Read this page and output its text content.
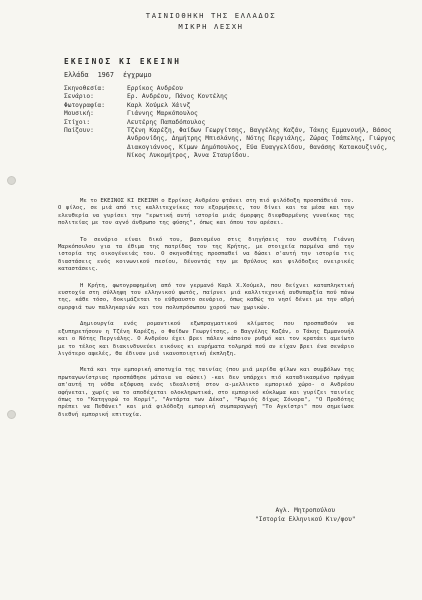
ΤΑΙΝΙΟΘΗΚΗ ΤΗΣ ΕΛΛΑΔΟΣ
ΜΙΚΡΗ ΛΕΣΧΗ
ΕΚΕΙΝΟΣ ΚΙ ΕΚΕΙΝΗ
Ελλάδα 1967 έγχρωμο
Σκηνοθεσία:	Ερρίκος Ανδρέου
Σενάριο:	Ερ. Ανδρέου, Πάνος Κοντέλης
Φωτογραφία:	Καρλ Χούμελ Χάινζ
Μουσική:	Γιάννης Μαρκόπουλος
Στίχοι:	Λευτέρης Παπαδόπουλος
Παίζουν:	Τζένη Καρέζη, Φαίδων Γεωργίτσης, Βαγγέλης Καζάν, Τάκης Εμμανουήλ, Βάσος Ανδρονίδης, Δημήτρης Μπισλάνης, Νότης Περγιάλης, Ζώρας Τσάπελης, Γιώργος Διακογιάννος, Κίμων Δημόπουλος, Εύα Ευαγγελίδου, Θανάσης Κατακουζινός, Νίκος Λυκομήτρος, Άννα Σταυρίδου.

Με το ΕΚΕΙΝΟΣ ΚΙ ΕΚΕΙΝΗ ο Ερρίκος Ανδρέου φτάνει στη πιό φιλόδοξη προσπάθειά του. Ο φίλος, σε μιά από τις καλλιτεχνίκες του εξορμήσεις, του δίνει και τα μέσα και την ελευθερία να γυρίσει την "ερωτική αυτή ιστορία μιάς όμορφης διεφθαρμένης γυναίκας της πολιτείας με τον αγνό άνθρωπο της φύσης", όπως και όπου του αρέσει.

Το σενάριο είναι δικό του, βασισμένο στις διηγήσεις του συνθέτη Γιάννη Μαρκόπουλου για τα έθιμα της πατρίδας του της Κρήτης, με στοιχεία παρμένα από την ιστορία της οικογένειάς του. Ο σκηνοθέτης προσπαθεί να δώσει σ'αυτή την ιστορία τις διαστάσεις ενός κοινωνικού πεσίου, δένοντάς την με θρύλους και φιλόδοξες ονειρικές καταστάσεις.

Η Κρήτη, φωτογραφημένη από τον γερμανό Καρλ Χ.Χούμελ, που δείχνει καταπληκτική ευστοχία στη σύλληψη του ελληνικού φωτός, παίρνει μιά καλλιτεχνική αυθυπαρξία πού πάνω της, κάθε τόσο, δοκιμάζεται το εύθραυστο σενάριο, όπως καθώς το νησί δένει με την αδρή ομορφιά των παλληκαριών και του πολυπρόσωπου χορού των χωρικών.

Δημιουργία ενός ρομαντικού εξωπραγματικού κλίματος που προσπαθούν να εξυπηρετήσουν η Τζένη Καρέζη, ο Φαίδων Γεωργίτσης, ο Βαγγέλης Καζάν, ο Τάκης Εμμανουήλ και ο Νότης Περγιάλης. Ο Ανδρέου έχει βρει πάλεν κάποιον ρυθμό και τον κρατάει αμείωτο με το τέλος και διακινδυνεύει εικόνες κι ευρήματα τολμηρά πού αν είχαν βρει ένα σενάριο λιγότερο αφελές, θα έδιναν μιά ικανοποιητική έκπληξη.

Μετά και την εμπορική αποτυχία της ταινίας (που μιά μερίδα φίλων και συμβόλων της πρωταγωνίστριας προσπάθησε μάταια να σώσει) -και δεν υπάρχει πιό καταδικασμένο πράγμα απ'αυτή τη νόθα εξόφυση ενός ιδεαλιστή στον α-μελλικτο εμπορικό χώρο- ο Ανδρέου αφήνεται, χωρίς να το αποδέχεται ολοκληρωτικά, στο εμπορικό κύκλωμα και γυρίζει ταινίες όπως το "Κατηγορώ το Κορμί", "Αντάρτα των Δέκα", "Ρωμιός δίχως Σόνορα", "Ο Προδότης πρέπει να Πεθάνει" και μιά φιλόδοξη εμπορική συμπαραγωγή "Το Αγκίστρι" που σημείωσε διεθνή εμπορική επιτυχία.

Αγλ. Μητροπούλου
"Ιστορία Ελληνικού Κιν/φου"
